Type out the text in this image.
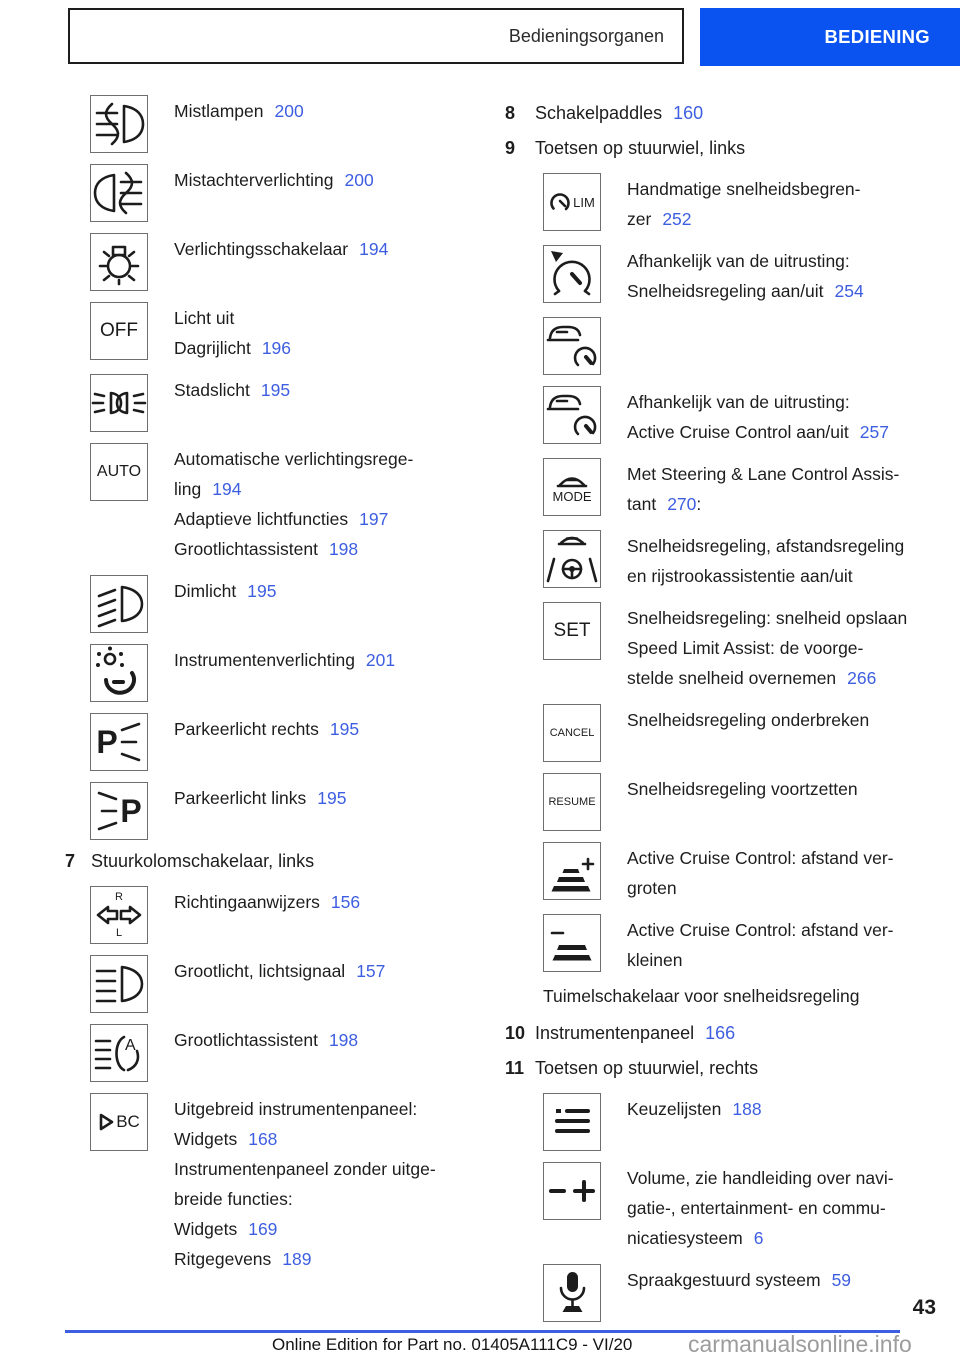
Bedieningsorganen	BEDIENING
Mistlampen 200
Mistachterverlichting 200
Verlichtingsschakelaar 194
OFF
Licht uit
Dagrijlicht 196
Stadslicht 195
AUTO
Automatische verlichtingsrege-
ling 194
Adaptieve lichtfuncties 197
Grootlichtassistent 198
Dimlicht 195
Instrumentenverlichting 201
P	Parkeerlicht rechts 195
P Parkeerlicht links 195
7 Stuurkolomschakelaar, links
R
L
Richtingaanwijzers 156
Grootlicht, lichtsignaal 157
A Grootlichtassistent 198
BC
Uitgebreid instrumentenpaneel:
Widgets 168
Instrumentenpaneel zonder uitge-
breide functies:
Widgets 169
Ritgegevens 189
8	Schakelpaddles 160
9	Toetsen op stuurwiel, links
LIM
Handmatige snelheidsbegren-
zer 252
Afhankelijk van de uitrusting:
Snelheidsregeling aan/uit 254
Afhankelijk van de uitrusting:
Active Cruise Control aan/uit 257
MODE
Met Steering & Lane Control Assis-
tant 270:
Snelheidsregeling, afstandsregeling
en rijstrookassistentie aan/uit
SET
Snelheidsregeling: snelheid opslaan
Speed Limit Assist: de voorge-
stelde snelheid overnemen 266
CANCEL
Snelheidsregeling onderbreken
RESUME
Snelheidsregeling voortzetten
Active Cruise Control: afstand ver-
groten
Active Cruise Control: afstand ver-
kleinen
Tuimelschakelaar voor snelheidsregeling
10 Instrumentenpaneel 166
11 Toetsen op stuurwiel, rechts
Keuzelijsten 188
Volume, zie handleiding over navi-
gatie-, entertainment- en commu-
nicatiesysteem 6
Spraakgestuurd systeem 59
43
Online Edition for Part no. 01405A111C9 - VI/20 carmanualsonline.info
